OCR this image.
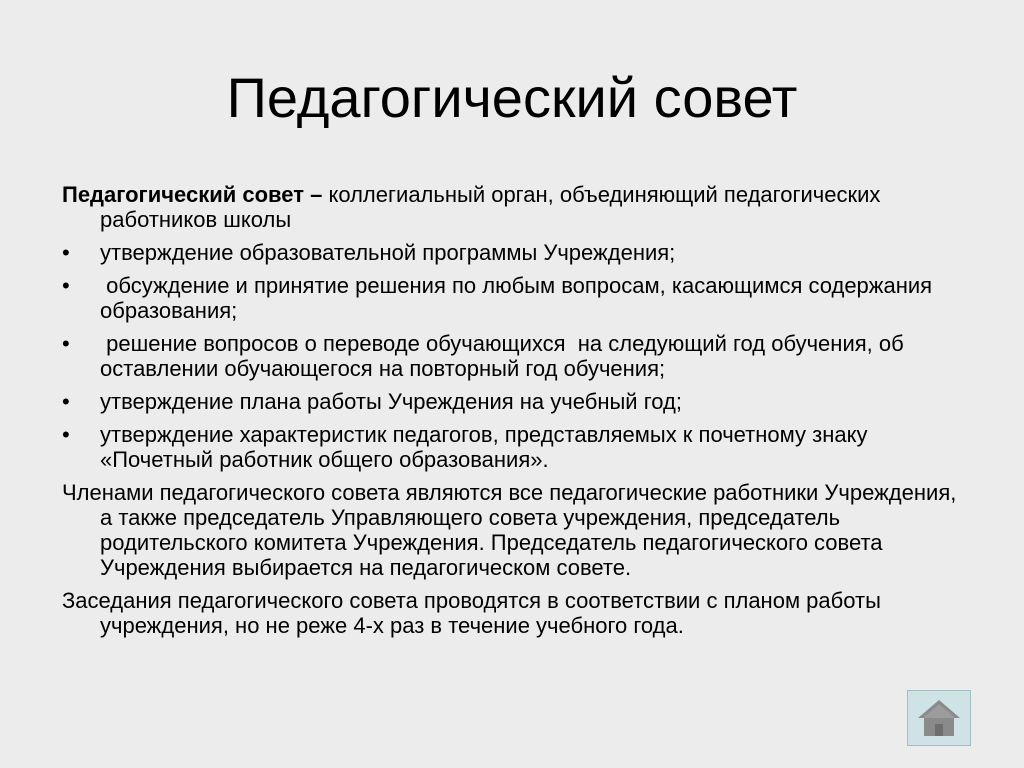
Педагогический совет

Педагогический совет – коллегиальный орган, объединяющий педагогических работников школы

•	утверждение образовательной программы Учреждения;
•	обсуждение и принятие решения по любым вопросам, касающимся содержания образования;
•	решение вопросов о переводе обучающихся  на следующий год обучения, об оставлении обучающегося на повторный год обучения;
•	утверждение плана работы Учреждения на учебный год;
•	утверждение характеристик педагогов, представляемых к почетному знаку «Почетный работник общего образования».

Членами педагогического совета являются все педагогические работники Учреждения, а также председатель Управляющего совета учреждения, председатель родительского комитета Учреждения. Председатель педагогического совета Учреждения выбирается на педагогическом совете.

Заседания педагогического совета проводятся в соответствии с планом работы учреждения, но не реже 4-х раз в течение учебного года.
